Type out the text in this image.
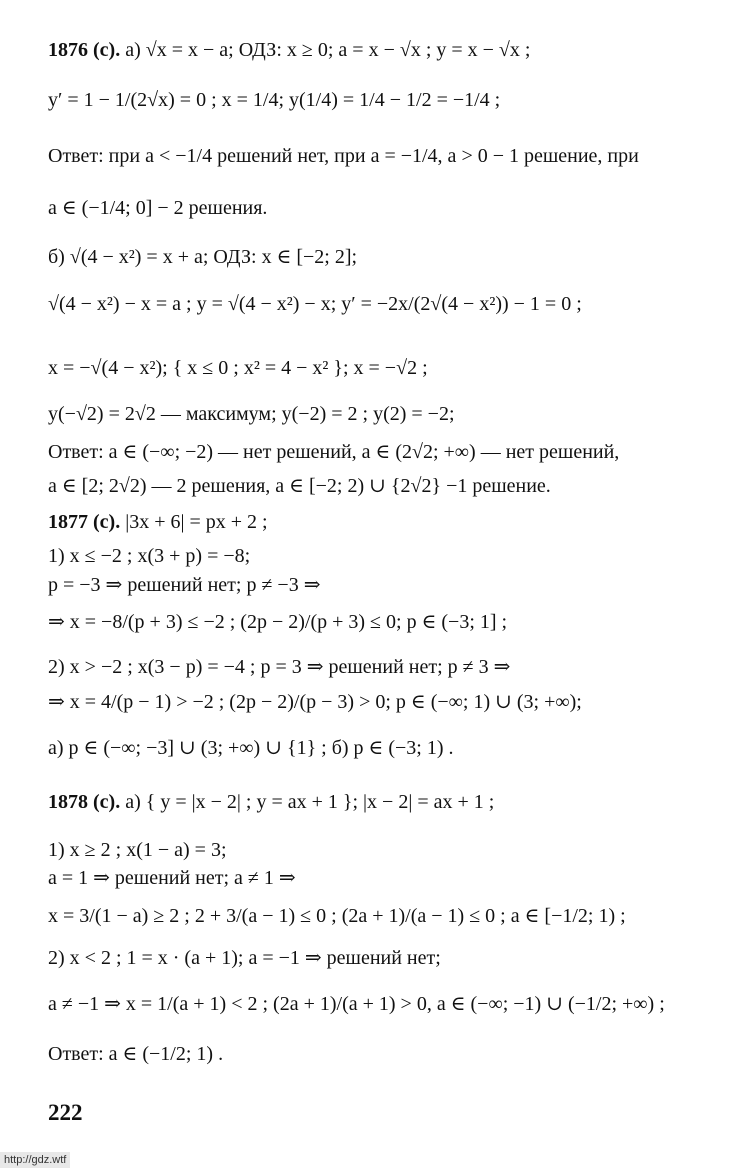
1876 (с). а) √x = x − a; ОДЗ: x ≥ 0; a = x − √x ; y = x − √x ;
y′ = 1 − 1/(2√x) = 0 ; x = 1/4; y(1/4) = 1/4 − 1/2 = −1/4 ;
Ответ: при a < −1/4 решений нет, при a = −1/4, a > 0 − 1 решение, при
a ∈ (−1/4; 0] − 2 решения.
б) √(4 − x²) = x + a; ОДЗ: x ∈ [−2; 2];
√(4 − x²) − x = a ; y = √(4 − x²) − x; y′ = −2x/(2√(4 − x²)) − 1 = 0 ;
x = −√(4 − x²); { x ≤ 0 ; x² = 4 − x² }; x = −√2 ;
y(−√2) = 2√2 — максимум; y(−2) = 2 ; y(2) = −2;
Ответ: a ∈ (−∞; −2) — нет решений, a ∈ (2√2; +∞) — нет решений,
a ∈ [2; 2√2) — 2 решения, a ∈ [−2; 2) ∪ {2√2} −1 решение.
1877 (с). |3x + 6| = px + 2 ;
1) x ≤ −2 ; x(3 + p) = −8;
p = −3 ⇒ решений нет; p ≠ −3 ⇒
⇒ x = −8/(p + 3) ≤ −2 ; (2p − 2)/(p + 3) ≤ 0; p ∈ (−3; 1] ;
2) x > −2 ; x(3 − p) = −4 ; p = 3 ⇒ решений нет; p ≠ 3 ⇒
⇒ x = 4/(p − 1) > −2 ; (2p − 2)/(p − 3) > 0; p ∈ (−∞; 1) ∪ (3; +∞);
а) p ∈ (−∞; −3] ∪ (3; +∞) ∪ {1} ; б) p ∈ (−3; 1) .
1878 (с). а) { y = |x − 2| ; y = ax + 1 }; |x − 2| = ax + 1 ;
1) x ≥ 2 ; x(1 − a) = 3;
a = 1 ⇒ решений нет; a ≠ 1 ⇒
x = 3/(1 − a) ≥ 2 ; 2 + 3/(a − 1) ≤ 0 ; (2a + 1)/(a − 1) ≤ 0 ; a ∈ [−1/2; 1) ;
2) x < 2 ; 1 = x · (a + 1); a = −1 ⇒ решений нет;
a ≠ −1 ⇒ x = 1/(a + 1) < 2 ; (2a + 1)/(a + 1) > 0, a ∈ (−∞; −1) ∪ (−1/2; +∞) ;
Ответ: a ∈ (−1/2; 1) .
222
http://gdz.wtf
